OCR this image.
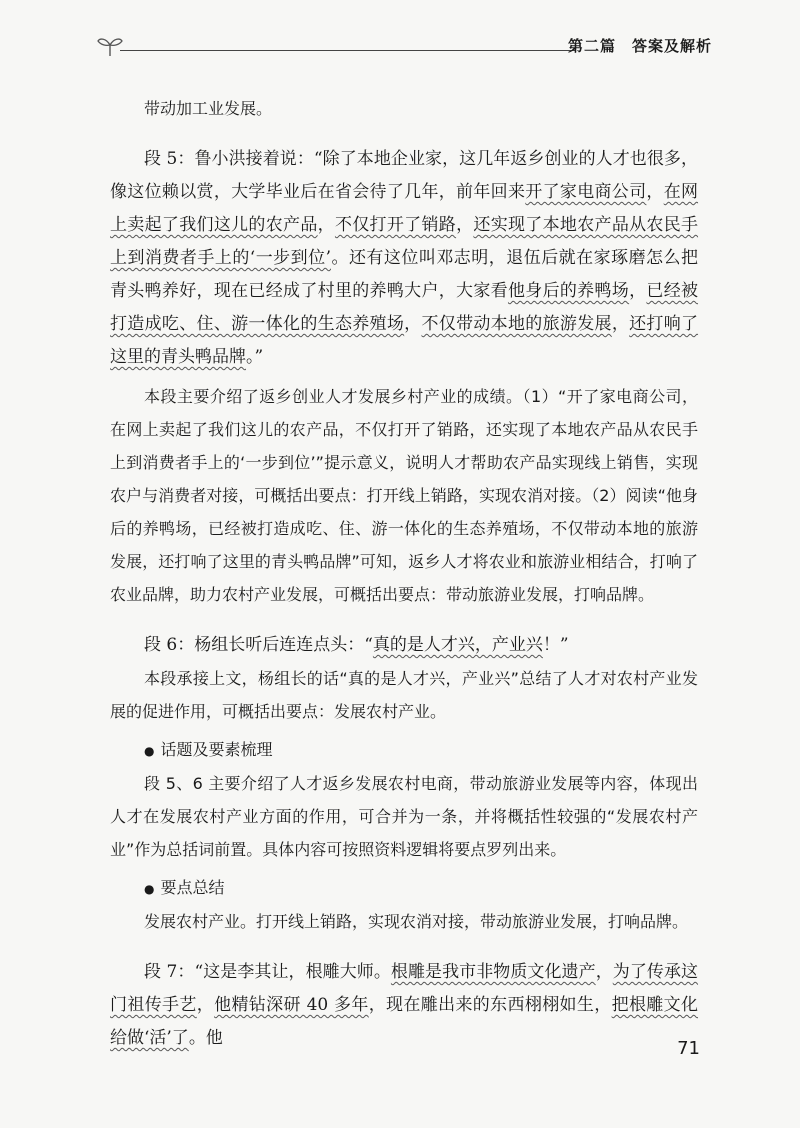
第二篇　答案及解析

带动加工业发展。

段 5：鲁小洪接着说：“除了本地企业家，这几年返乡创业的人才也很多，像这位赖以赏，大学毕业后在省会待了几年，前年回来开了家电商公司，在网上卖起了我们这儿的农产品，不仅打开了销路，还实现了本地农产品从农民手上到消费者手上的‘一步到位’。还有这位叫邓志明，退伍后就在家琢磨怎么把青头鸭养好，现在已经成了村里的养鸭大户，大家看他身后的养鸭场，已经被打造成吃、住、游一体化的生态养殖场，不仅带动本地的旅游发展，还打响了这里的青头鸭品牌。”

本段主要介绍了返乡创业人才发展乡村产业的成绩。（1）“开了家电商公司，在网上卖起了我们这儿的农产品，不仅打开了销路，还实现了本地农产品从农民手上到消费者手上的‘一步到位’”提示意义，说明人才帮助农产品实现线上销售，实现农户与消费者对接，可概括出要点：打开线上销路，实现农消对接。（2）阅读“他身后的养鸭场，已经被打造成吃、住、游一体化的生态养殖场，不仅带动本地的旅游发展，还打响了这里的青头鸭品牌”可知，返乡人才将农业和旅游业相结合，打响了农业品牌，助力农村产业发展，可概括出要点：带动旅游业发展，打响品牌。

段 6：杨组长听后连连点头：“真的是人才兴，产业兴！”

本段承接上文，杨组长的话“真的是人才兴，产业兴”总结了人才对农村产业发展的促进作用，可概括出要点：发展农村产业。

● 话题及要素梳理

段 5、6 主要介绍了人才返乡发展农村电商，带动旅游业发展等内容，体现出人才在发展农村产业方面的作用，可合并为一条，并将概括性较强的“发展农村产业”作为总括词前置。具体内容可按照资料逻辑将要点罗列出来。

● 要点总结

发展农村产业。打开线上销路，实现农消对接，带动旅游业发展，打响品牌。

段 7：“这是李其让，根雕大师。根雕是我市非物质文化遗产，为了传承这门祖传手艺，他精钻深研 40 多年，现在雕出来的东西栩栩如生，把根雕文化给做‘活’了。他	71
